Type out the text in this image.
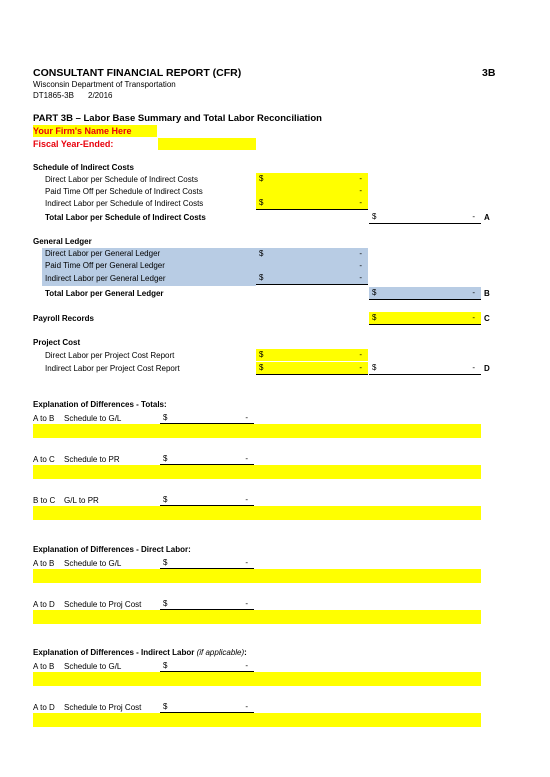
CONSULTANT FINANCIAL REPORT (CFR)	3B
Wisconsin Department of Transportation
DT1865-3B 2/2016
PART 3B – Labor Base Summary and Total Labor Reconciliation
Your Firm's Name Here
Fiscal Year-Ended:
Schedule of Indirect Costs
Direct Labor per Schedule of Indirect Costs	$	-
Paid Time Off per Schedule of Indirect Costs	-
Indirect Labor per Schedule of Indirect Costs	$	-
Total Labor per Schedule of Indirect Costs	$	- A
General Ledger
Direct Labor per General Ledger	$	-
Paid Time Off per General Ledger	-
Indirect Labor per General Ledger	$	-
Total Labor per General Ledger	$	- B
Payroll Records	$	- C
Project Cost
Direct Labor per Project Cost Report	$	-
Indirect Labor per Project Cost Report	$	- $	- D
Explanation of Differences - Totals:
A to B Schedule to G/L	$	-
A to C Schedule to PR	$	-
B to C G/L to PR	$	-
Explanation of Differences - Direct Labor:
A to B Schedule to G/L	$	-
A to D Schedule to Proj Cost	$	-
Explanation of Differences - Indirect Labor (if applicable):
A to B Schedule to G/L	$	-
A to D Schedule to Proj Cost	$	-
